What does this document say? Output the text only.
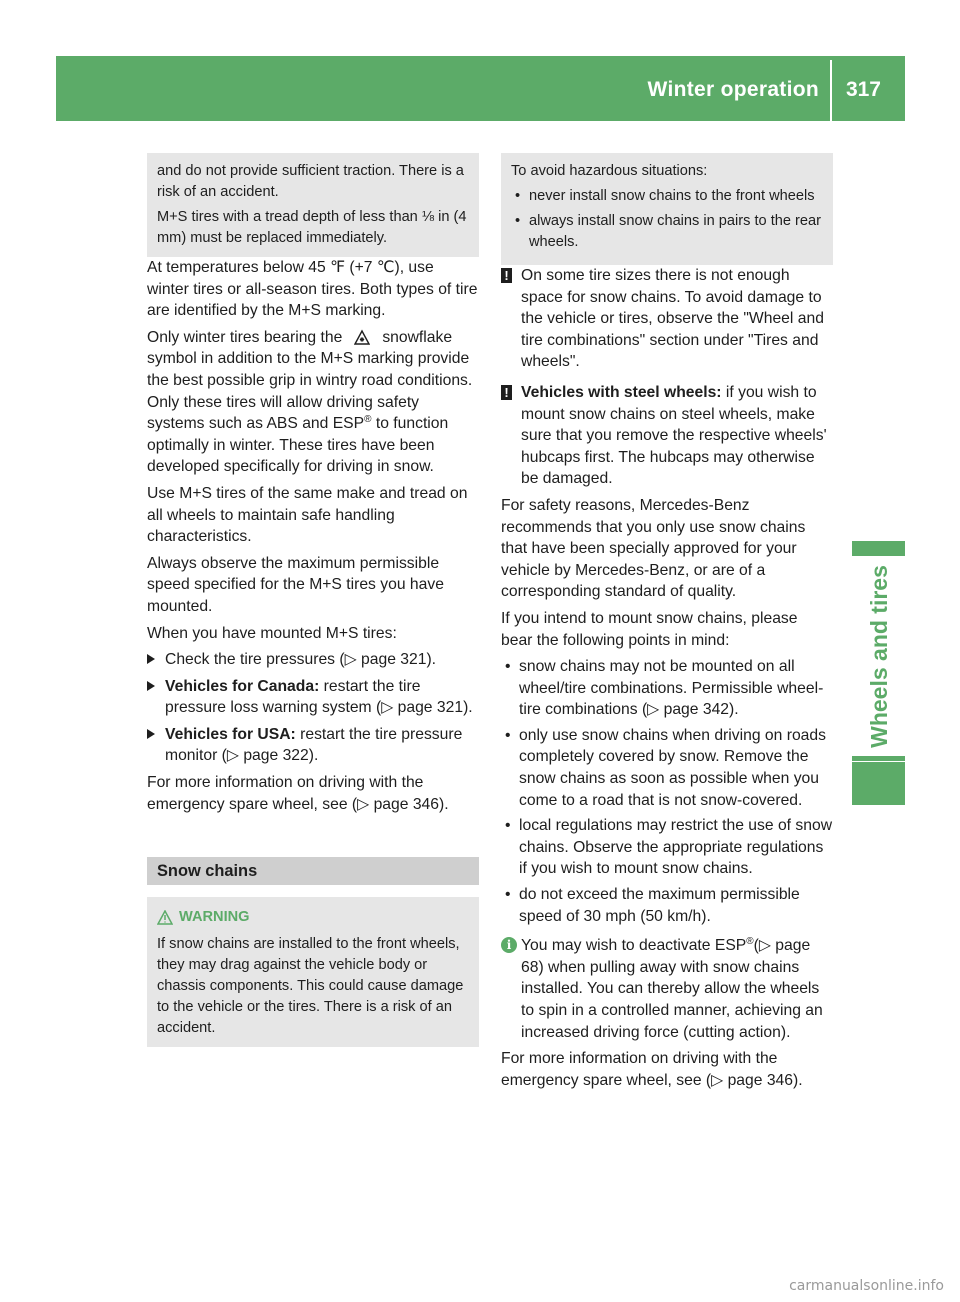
Winter operation 317
Wheels and tires

and do not provide sufficient traction. There is a risk of an accident.

M+S tires with a tread depth of less than ⅛ in (4 mm) must be replaced immediately.

At temperatures below 45 ℉ (+7 ℃), use winter tires or all-season tires. Both types of tire are identified by the M+S marking.

Only winter tires bearing the	snowflake symbol in addition to the M+S marking provide the best possible grip in wintry road conditions. Only these tires will allow driving safety systems such as ABS and ESP® to function optimally in winter. These tires have been developed specifically for driving in snow.

Use M+S tires of the same make and tread on all wheels to maintain safe handling characteristics.

Always observe the maximum permissible speed specified for the M+S tires you have mounted.

When you have mounted M+S tires:

Check the tire pressures (▷ page 321).
Vehicles for Canada: restart the tire pressure loss warning system (▷ page 321).
Vehicles for USA: restart the tire pressure monitor (▷ page 322).

For more information on driving with the emergency spare wheel, see (▷ page 346).

Snow chains
WARNING

If snow chains are installed to the front wheels, they may drag against the vehicle body or chassis components. This could cause damage to the vehicle or the tires. There is a risk of an accident.

To avoid hazardous situations:

• never install snow chains to the front wheels
• always install snow chains in pairs to the rear wheels.
! On some tire sizes there is not enough space for snow chains. To avoid damage to the vehicle or tires, observe the "Wheel and tire combinations" section under "Tires and wheels".
! Vehicles with steel wheels: if you wish to mount snow chains on steel wheels, make sure that you remove the respective wheels' hubcaps first. The hubcaps may otherwise be damaged.

For safety reasons, Mercedes-Benz recommends that you only use snow chains that have been specially approved for your vehicle by Mercedes-Benz, or are of a corresponding standard of quality.

If you intend to mount snow chains, please bear the following points in mind:

• snow chains may not be mounted on all wheel/tire combinations. Permissible wheel-tire combinations (▷ page 342).
• only use snow chains when driving on roads completely covered by snow. Remove the snow chains as soon as possible when you come to a road that is not snow-covered.
• local regulations may restrict the use of snow chains. Observe the appropriate regulations if you wish to mount snow chains.
• do not exceed the maximum permissible speed of 30 mph (50 km/h).
i You may wish to deactivate ESP®(▷ page 68) when pulling away with snow chains installed. You can thereby allow the wheels to spin in a controlled manner, achieving an increased driving force (cutting action).

For more information on driving with the emergency spare wheel, see (▷ page 346).

carmanualsonline.info
